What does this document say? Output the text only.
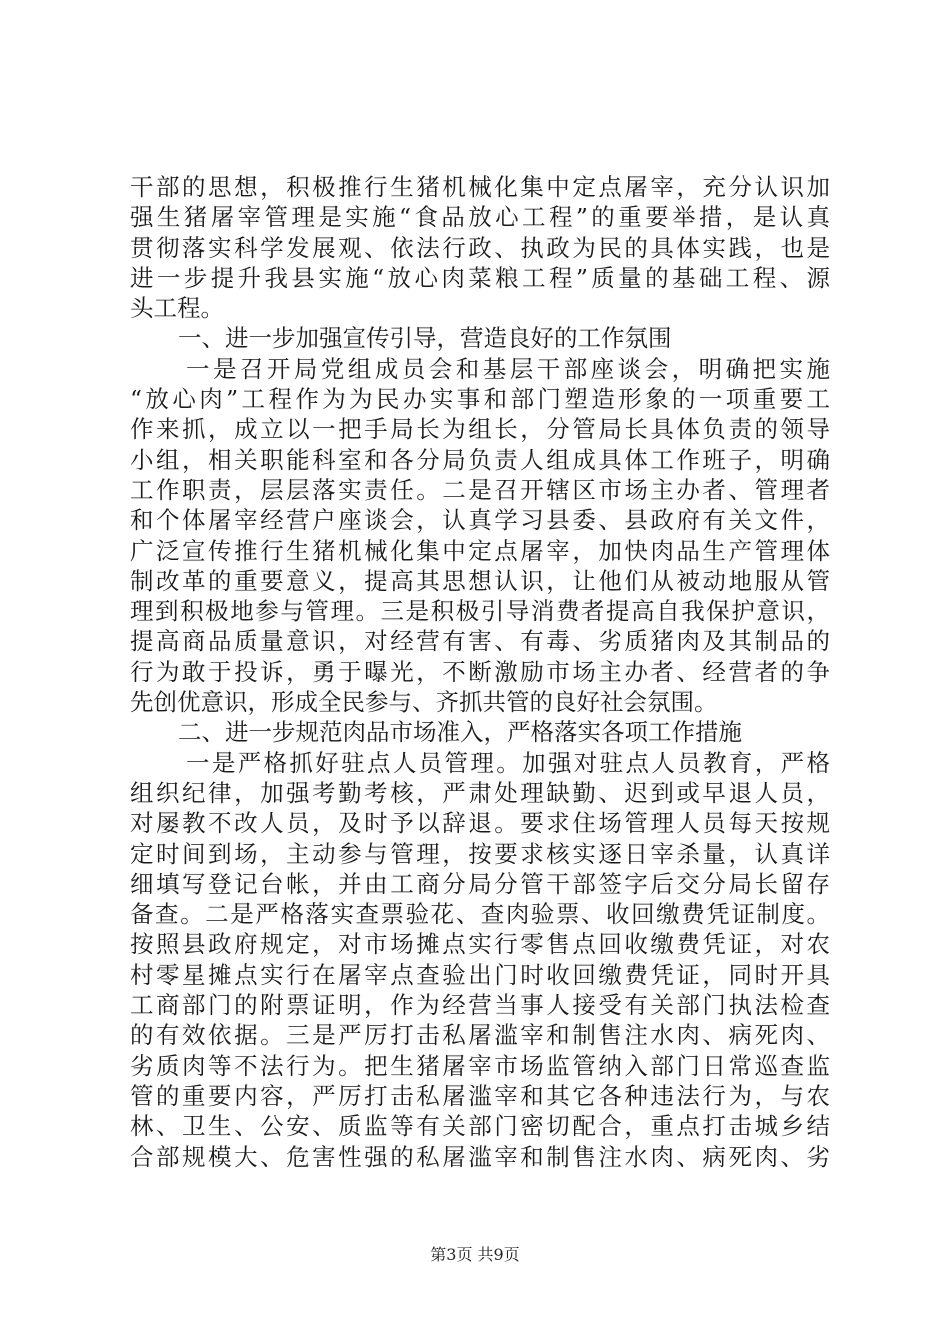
干部的思想，积极推行生猪机械化集中定点屠宰，充分认识加
强生猪屠宰管理是实施“食品放心工程”的重要举措，是认真
贯彻落实科学发展观、依法行政、执政为民的具体实践，也是
进一步提升我县实施“放心肉菜粮工程”质量的基础工程、源
头工程。
一、进一步加强宣传引导，营造良好的工作氛围
一是召开局党组成员会和基层干部座谈会，明确把实施
“放心肉”工程作为为民办实事和部门塑造形象的一项重要工
作来抓，成立以一把手局长为组长，分管局长具体负责的领导
小组，相关职能科室和各分局负责人组成具体工作班子，明确
工作职责，层层落实责任。二是召开辖区市场主办者、管理者
和个体屠宰经营户座谈会，认真学习县委、县政府有关文件，
广泛宣传推行生猪机械化集中定点屠宰，加快肉品生产管理体
制改革的重要意义，提高其思想认识，让他们从被动地服从管
理到积极地参与管理。三是积极引导消费者提高自我保护意识，
提高商品质量意识，对经营有害、有毒、劣质猪肉及其制品的
行为敢于投诉，勇于曝光，不断激励市场主办者、经营者的争
先创优意识，形成全民参与、齐抓共管的良好社会氛围。
二、进一步规范肉品市场准入，严格落实各项工作措施
一是严格抓好驻点人员管理。加强对驻点人员教育，严格
组织纪律，加强考勤考核，严肃处理缺勤、迟到或早退人员，
对屡教不改人员，及时予以辞退。要求住场管理人员每天按规
定时间到场，主动参与管理，按要求核实逐日宰杀量，认真详
细填写登记台帐，并由工商分局分管干部签字后交分局长留存
备查。二是严格落实查票验花、查肉验票、收回缴费凭证制度。
按照县政府规定，对市场摊点实行零售点回收缴费凭证，对农
村零星摊点实行在屠宰点查验出门时收回缴费凭证，同时开具
工商部门的附票证明，作为经营当事人接受有关部门执法检查
的有效依据。三是严厉打击私屠滥宰和制售注水肉、病死肉、
劣质肉等不法行为。把生猪屠宰市场监管纳入部门日常巡查监
管的重要内容，严厉打击私屠滥宰和其它各种违法行为，与农
林、卫生、公安、质监等有关部门密切配合，重点打击城乡结
合部规模大、危害性强的私屠滥宰和制售注水肉、病死肉、劣
第3页 共9页
